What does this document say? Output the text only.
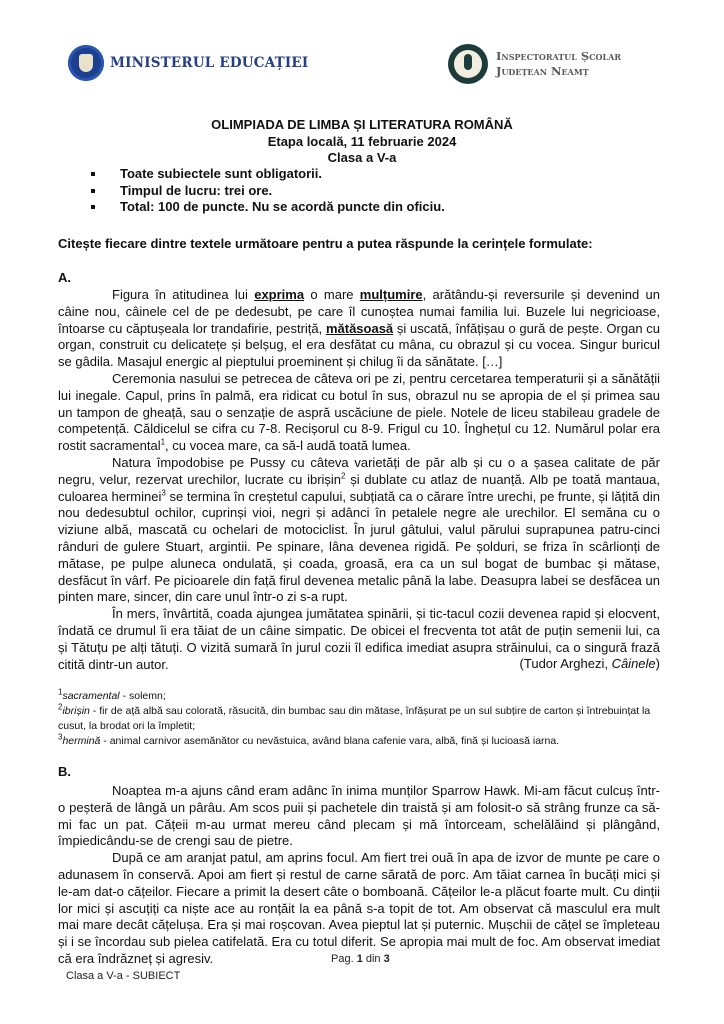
MINISTERUL EDUCAȚIEI	Inspectoratul Școlar
Județean Neamț
OLIMPIADA DE LIMBA ȘI LITERATURA ROMÂNĂ
Etapa locală, 11 februarie 2024
Clasa a V-a
Toate subiectele sunt obligatorii.
Timpul de lucru: trei ore.
Total: 100 de puncte. Nu se acordă puncte din oficiu.
Citește fiecare dintre textele următoare pentru a putea răspunde la cerințele formulate:
A.

Figura în atitudinea lui exprima o mare mulțumire, arătându-și reversurile și devenind un câine nou, câinele cel de pe dedesubt, pe care îl cunoștea numai familia lui. Buzele lui negricioase, întoarse cu căptușeala lor trandafirie, pestriță, mătăsoasă și uscată, înfățișau o gură de pește. Organ cu organ, construit cu delicatețe și belșug, el era desfătat cu mâna, cu obrazul și cu vocea. Singur buricul se gâdila. Masajul energic al pieptului proeminent și chilug îi da sănătate. […]

Ceremonia nasului se petrecea de câteva ori pe zi, pentru cercetarea temperaturii și a sănătății lui inegale. Capul, prins în palmă, era ridicat cu botul în sus, obrazul nu se apropia de el și primea sau un tampon de gheață, sau o senzație de aspră uscăciune de piele. Notele de liceu stabileau gradele de competență. Căldicelul se cifra cu 7-8. Recișorul cu 8-9. Frigul cu 10. Înghețul cu 12. Numărul polar era rostit sacramental$^1$, cu vocea mare, ca să-l audă toată lumea.

Natura împodobise pe Pussy cu câteva varietăți de păr alb și cu o a șasea calitate de păr negru, velur, rezervat urechilor, lucrate cu ibrișin$^2$ și dublate cu atlaz de nuanță. Alb pe toată mantaua, culoarea herminei$^3$ se termina în creștetul capului, subțiată ca o cărare între urechi, pe frunte, și lățită din nou dedesubtul ochilor, cuprinși vioi, negri și adânci în petalele negre ale urechilor. El semăna cu o viziune albă, mascată cu ochelari de motociclist. În jurul gâtului, valul părului suprapunea patru-cinci rânduri de gulere Stuart, argintii. Pe spinare, lâna devenea rigidă. Pe șolduri, se friza în scârlionți de mătase, pe pulpe aluneca ondulată, și coada, groasă, era ca un sul bogat de bumbac și mătase, desfăcut în vârf. Pe picioarele din față firul devenea metalic până la labe. Deasupra labei se desfăcea un pinten mare, sincer, din care unul într-o zi s-a rupt.

În mers, învârtită, coada ajungea jumătatea spinării, și tic-tacul cozii devenea rapid și elocvent, îndată ce drumul îi era tăiat de un câine simpatic. De obicei el frecventa tot atât de puțin semenii lui, ca și Tătuțu pe alți tătuți. O vizită sumară în jurul cozii îl edifica imediat asupra străinului, ca o singură frază citită dintr-un autor.	(Tudor Arghezi, Câinele)
$^1$sacramental - solemn;
$^2$ibrișin - fir de ață albă sau colorată, răsucită, din bumbac sau din mătase, înfășurat pe un sul subțire de carton și întrebuințat la cusut, la brodat ori la împletit;
$^3$hermină - animal carnivor asemănător cu nevăstuica, având blana cafenie vara, albă, fină și lucioasă iarna.
B.

Noaptea m-a ajuns când eram adânc în inima munților Sparrow Hawk. Mi-am făcut culcuș într-o peșteră de lângă un pârâu. Am scos puii și pachetele din traistă și am folosit-o să strâng frunze ca să-mi fac un pat. Cățeii m-au urmat mereu când plecam și mă întorceam, schelălăind și plângând, împiedicându-se de crengi sau de pietre.

După ce am aranjat patul, am aprins focul. Am fiert trei ouă în apa de izvor de munte pe care o adunasem în conservă. Apoi am fiert și restul de carne sărată de porc. Am tăiat carnea în bucăți mici și le-am dat-o cățeilor. Fiecare a primit la desert câte o bomboană. Cățeilor le-a plăcut foarte mult. Cu dinții lor mici și ascuțiți ca niște ace au ronțăit la ea până s-a topit de tot. Am observat că masculul era mult mai mare decât cățelușa. Era și mai roșcovan. Avea pieptul lat și puternic. Mușchii de cățel se împleteau și i se încordau sub pielea catifelată. Era cu totul diferit. Se apropia mai mult de foc. Am observat imediat că era îndrăzneț și agresiv.	Pag. 1 din 3
Clasa a V-a - SUBIECT
